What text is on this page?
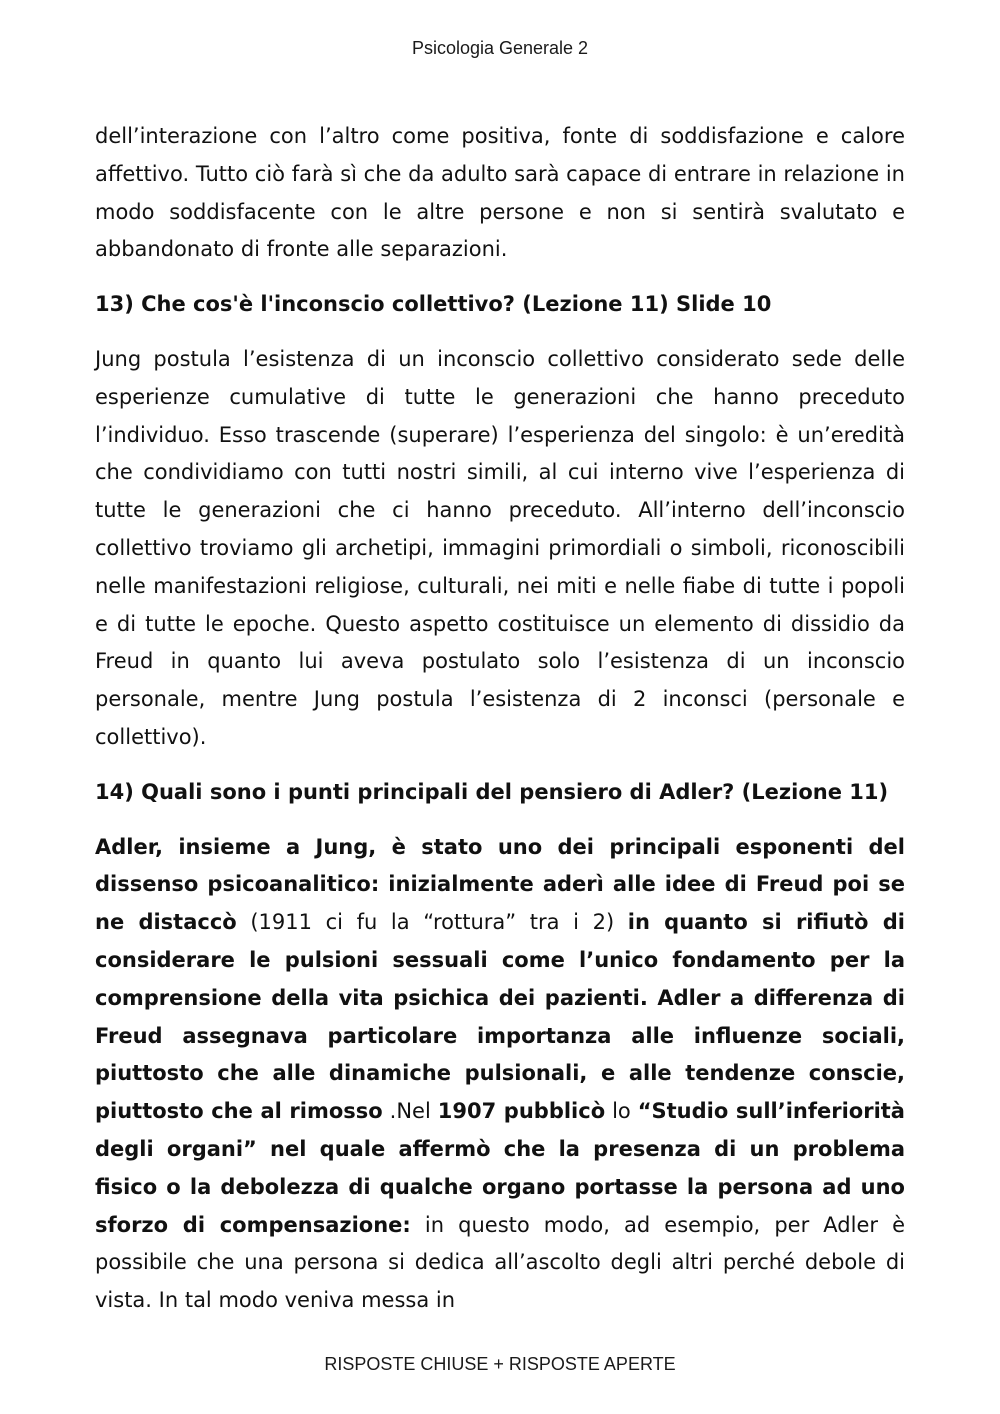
Psicologia Generale 2

dell’interazione con l’altro come positiva, fonte di soddisfazione e calore affettivo. Tutto ciò farà sì che da adulto sarà capace di entrare in relazione in modo soddisfacente con le altre persone e non si sentirà svalutato e abbandonato di fronte alle separazioni.

13) Che cos'è l'inconscio collettivo? (Lezione 11) Slide 10

Jung postula l’esistenza di un inconscio collettivo considerato sede delle esperienze cumulative di tutte le generazioni che hanno preceduto l’individuo. Esso trascende (superare) l’esperienza del singolo: è un’eredità che condividiamo con tutti nostri simili, al cui interno vive l’esperienza di tutte le generazioni che ci hanno preceduto. All’interno dell’inconscio collettivo troviamo gli archetipi, immagini primordiali o simboli, riconoscibili nelle manifestazioni religiose, culturali, nei miti e nelle fiabe di tutte i popoli e di tutte le epoche. Questo aspetto costituisce un elemento di dissidio da Freud in quanto lui aveva postulato solo l’esistenza di un inconscio personale, mentre Jung postula l’esistenza di 2 inconsci (personale e collettivo).

14) Quali sono i punti principali del pensiero di Adler? (Lezione 11)

Adler, insieme a Jung, è stato uno dei principali esponenti del dissenso psicoanalitico: inizialmente aderì alle idee di Freud poi se ne distaccò (1911 ci fu la “rottura” tra i 2) in quanto si rifiutò di considerare le pulsioni sessuali come l’unico fondamento per la comprensione della vita psichica dei pazienti. Adler a differenza di Freud assegnava particolare importanza alle influenze sociali, piuttosto che alle dinamiche pulsionali, e alle tendenze conscie, piuttosto che al rimosso .Nel 1907 pubblicò lo “Studio sull’inferiorità degli organi” nel quale affermò che la presenza di un problema fisico o la debolezza di qualche organo portasse la persona ad uno sforzo di compensazione: in questo modo, ad esempio, per Adler è possibile che una persona si dedica all’ascolto degli altri perché debole di vista. In tal modo veniva messa in

RISPOSTE CHIUSE + RISPOSTE APERTE
